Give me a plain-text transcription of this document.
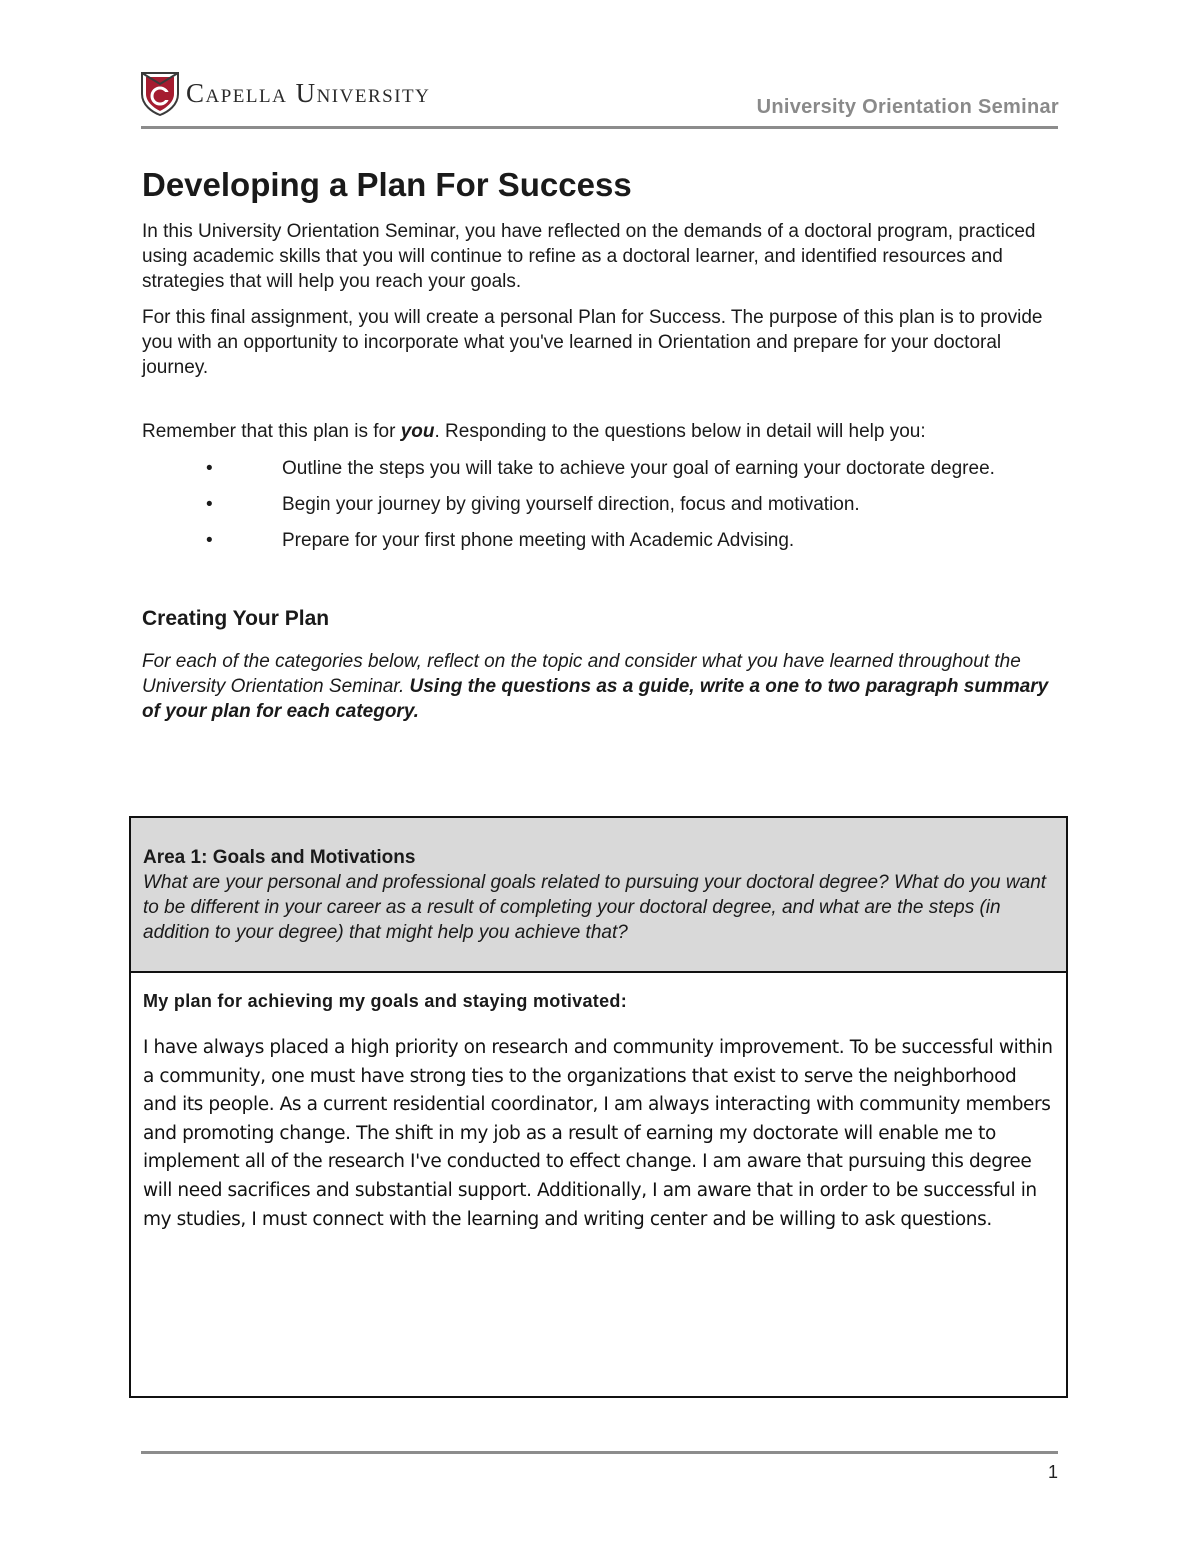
Capella University	University Orientation Seminar
Developing a Plan For Success

In this University Orientation Seminar, you have reflected on the demands of a doctoral program, practiced using academic skills that you will continue to refine as a doctoral learner, and identified resources and strategies that will help you reach your goals.

For this final assignment, you will create a personal Plan for Success. The purpose of this plan is to provide you with an opportunity to incorporate what you've learned in Orientation and prepare for your doctoral journey.

Remember that this plan is for you. Responding to the questions below in detail will help you:

•	Outline the steps you will take to achieve your goal of earning your doctorate degree.
•	Begin your journey by giving yourself direction, focus and motivation.
•	Prepare for your first phone meeting with Academic Advising.
Creating Your Plan

For each of the categories below, reflect on the topic and consider what you have learned throughout the University Orientation Seminar. Using the questions as a guide, write a one to two paragraph summary of your plan for each category.

Area 1: Goals and Motivations
What are your personal and professional goals related to pursuing your doctoral degree? What do you want to be different in your career as a result of completing your doctoral degree, and what are the steps (in addition to your degree) that might help you achieve that?
My plan for achieving my goals and staying motivated:
I have always placed a high priority on research and community improvement. To be successful within a community, one must have strong ties to the organizations that exist to serve the neighborhood and its people. As a current residential coordinator, I am always interacting with community members and promoting change. The shift in my job as a result of earning my doctorate will enable me to implement all of the research I've conducted to effect change. I am aware that pursuing this degree will need sacrifices and substantial support. Additionally, I am aware that in order to be successful in my studies, I must connect with the learning and writing center and be willing to ask questions.
1
